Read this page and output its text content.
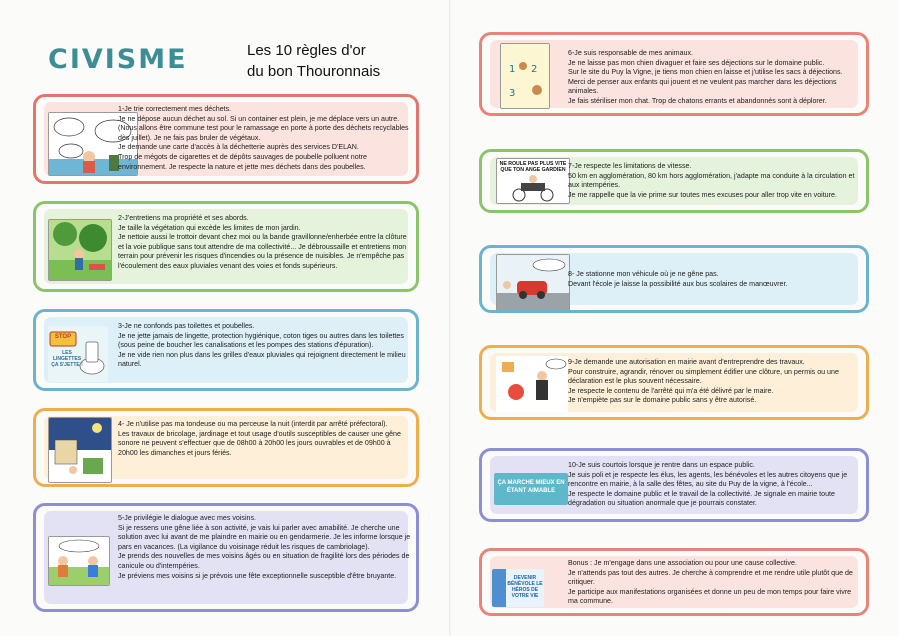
CIVISME	Les 10 règles d'or
du bon Thouronnais
1-Je trie correctement mes déchets.
Je ne dépose aucun déchet au sol. Si un container est plein, je me déplace vers un autre. (Nous allons être commune test pour le ramassage en porte à porte des déchets recyclables dès juillet). Je ne fais pas bruler de végétaux.
Je demande une carte d'accès à la déchetterie auprès des services D'ELAN.
Trop de mégots de cigarettes et de dépôts sauvages de poubelle polluent notre environnement. Je respecte la nature et jette mes déchets dans des poubelles.
2-J'entretiens ma propriété et ses abords.
Je taille la végétation qui excède les limites de mon jardin.
Je nettoie aussi le trottoir devant chez moi ou la bande gravillonne/enherbée entre la clôture et la voie publique sans tout attendre de ma collectivité... Je débroussaille et entretiens mon terrain pour prévenir les risques d'incendies ou la présence de nuisibles. Je n'empêche pas l'écoulement des eaux pluviales venant des voies et fonds supérieurs.
STOP
LES LINGETTES ÇA S'JETTE !
3-Je ne confonds pas toilettes et poubelles.
Je ne jette jamais de lingette, protection hygiénique, coton tiges ou autres dans les toilettes (sous peine de boucher les canalisations et les pompes des stations d'épuration).
Je ne vide rien non plus dans les grilles d'eaux pluviales qui rejoignent directement le milieu naturel.
4- Je n'utilise pas ma tondeuse ou ma perceuse la nuit (interdit par arrêté préfectoral).
Les travaux de bricolage, jardinage et tout usage d'outils susceptibles de causer une gêne sonore ne peuvent s'effectuer que de 08h00 à 20h00 les jours ouvrables et de 09h00 à 20h00 les dimanches et jours fériés.
5-Je privilégie le dialogue avec mes voisins.
Si je ressens une gêne liée à son activité, je vais lui parler avec amabilité. Je cherche une solution avec lui avant de me plaindre en mairie ou en gendarmerie. Je les informe lorsque je pars en vacances. (La vigilance du voisinage réduit les risques de cambriolage).
Je prends des nouvelles de mes voisins âgés ou en situation de fragilité lors des périodes de canicule ou d'intempéries.
Je préviens mes voisins si je prévois une fête exceptionnelle susceptible d'être bruyante.
1 2
3
6-Je suis responsable de mes animaux.
Je ne laisse pas mon chien divaguer et faire ses déjections sur le domaine public.
Sur le site du Puy la Vigne, je tiens mon chien en laisse et j'utilise les sacs à déjections.
Merci de penser aux enfants qui jouent et ne veulent pas marcher dans les déjections animales.
Je fais stériliser mon chat. Trop de chatons errants et abandonnés sont à déplorer.
NE ROULE PAS PLUS VITE QUE TON ANGE GARDIEN 7-Je respecte les limitations de vitesse.
50 km en agglomération, 80 km hors agglomération, j'adapte ma conduite à la circulation et aux intempéries.
Je me rappelle que la vie prime sur toutes mes excuses pour aller trop vite en voiture.
8- Je stationne mon véhicule où je ne gêne pas.
Devant l'école je laisse la possibilité aux bus scolaires de manœuvrer.
9-Je demande une autorisation en mairie avant d'entreprendre des travaux.
Pour construire, agrandir, rénover ou simplement édifier une clôture, un permis ou une déclaration est le plus souvent nécessaire.
Je respecte le contenu de l'arrêté qui m'a été délivré par le maire.
Je n'empiète pas sur le domaine public sans y être autorisé.
ÇA MARCHE MIEUX EN ÉTANT AIMABLE
10-Je suis courtois lorsque je rentre dans un espace public.
Je suis poli et je respecte les élus, les agents, les bénévoles et les autres citoyens que je rencontre en mairie, à la salle des fêtes, au site du Puy de la vigne, à l'école...
Je respecte le domaine public et le travail de la collectivité. Je signale en mairie toute dégradation ou situation anormale que je pourrais constater.
DEVENIR BÉNÉVOLE LE HÉROS DE VOTRE VIE
Bonus : Je m'engage dans une association ou pour une cause collective.
Je n'attends pas tout des autres. Je cherche à comprendre et me rendre utile plutôt que de critiquer.
Je participe aux manifestations organisées et donne un peu de mon temps pour faire vivre ma commune.
